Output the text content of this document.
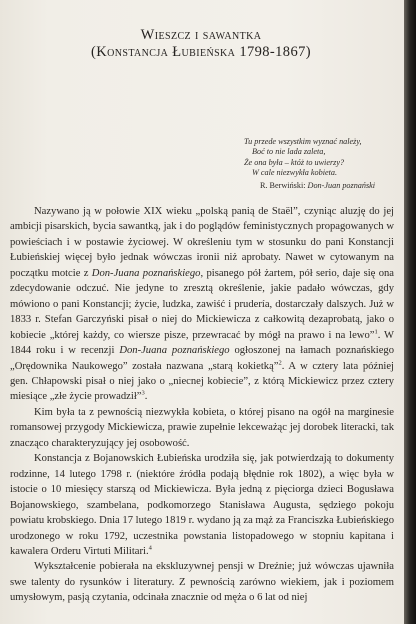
Wieszcz i sawantka
(Konstancja Łubieńska 1798-1867)
Tu przede wszystkim wyznać należy,
Boć to nie lada zaleta,
Że ona była – któż to uwierzy?
W cale niezwykła kobieta.
R. Berwiński: Don-Juan poznański

Nazywano ją w połowie XIX wieku „polską panią de Staël”, czyniąc aluzję do jej ambicji pisarskich, bycia sawantką, jak i do poglądów feministycznych propagowanych w powieściach i w postawie życiowej. W określeniu tym w stosunku do pani Konstancji Łubieńskiej więcej było jednak wówczas ironii niż aprobaty. Nawet w cytowanym na początku motcie z Don-Juana poznańskiego, pisanego pół żartem, pół serio, daje się ona zdecydowanie odczuć. Nie jedyne to zresztą określenie, jakie padało wówczas, gdy mówiono o pani Konstancji; życie, ludzka, zawiść i prudería, dostarczały dalszych. Już w 1833 r. Stefan Garczyński pisał o niej do Mickiewicza z całkowitą dezaprobatą, jako o kobiecie „której każdy, co wiersze pisze, przewracać by mógł na prawo i na lewo”$^1$. W 1844 roku i w recenzji Don-Juana poznańskiego ogłoszonej na łamach poznańskiego „Orędownika Naukowego” została nazwana „starą kokietką”$^2$. A w cztery lata później gen. Chłapowski pisał o niej jako o „niecnej kobiecie”, z którą Mickiewicz przez cztery miesiące „złe życie prowadził”$^3$.

Kim była ta z pewnością niezwykła kobieta, o której pisano na ogół na marginesie romansowej przygody Mickiewicza, prawie zupełnie lekceważąc jej dorobek literacki, tak znacząco charakteryzujący jej osobowość.

Konstancja z Bojanowskich Łubieńska urodziła się, jak potwierdzają to dokumenty rodzinne, 14 lutego 1798 r. (niektóre źródła podają błędnie rok 1802), a więc była w istocie o 10 miesięcy starszą od Mickiewicza. Była jedną z pięciorga dzieci Bogusława Bojanowskiego, szambelana, podkomorzego Stanisława Augusta, sędziego pokoju powiatu krobskiego. Dnia 17 lutego 1819 r. wydano ją za mąż za Franciszka Łubieńskiego urodzonego w roku 1792, uczestnika powstania listopadowego w stopniu kapitana i kawalera Orderu Virtuti Militari.$^4$

Wykształcenie pobierała na ekskluzywnej pensji w Dreźnie; już wówczas ujawniła swe talenty do rysunków i literatury. Z pewnością zarówno wiekiem, jak i poziomem umysłowym, pasją czytania, odcinała znacznie od męża o 6 lat od niej
